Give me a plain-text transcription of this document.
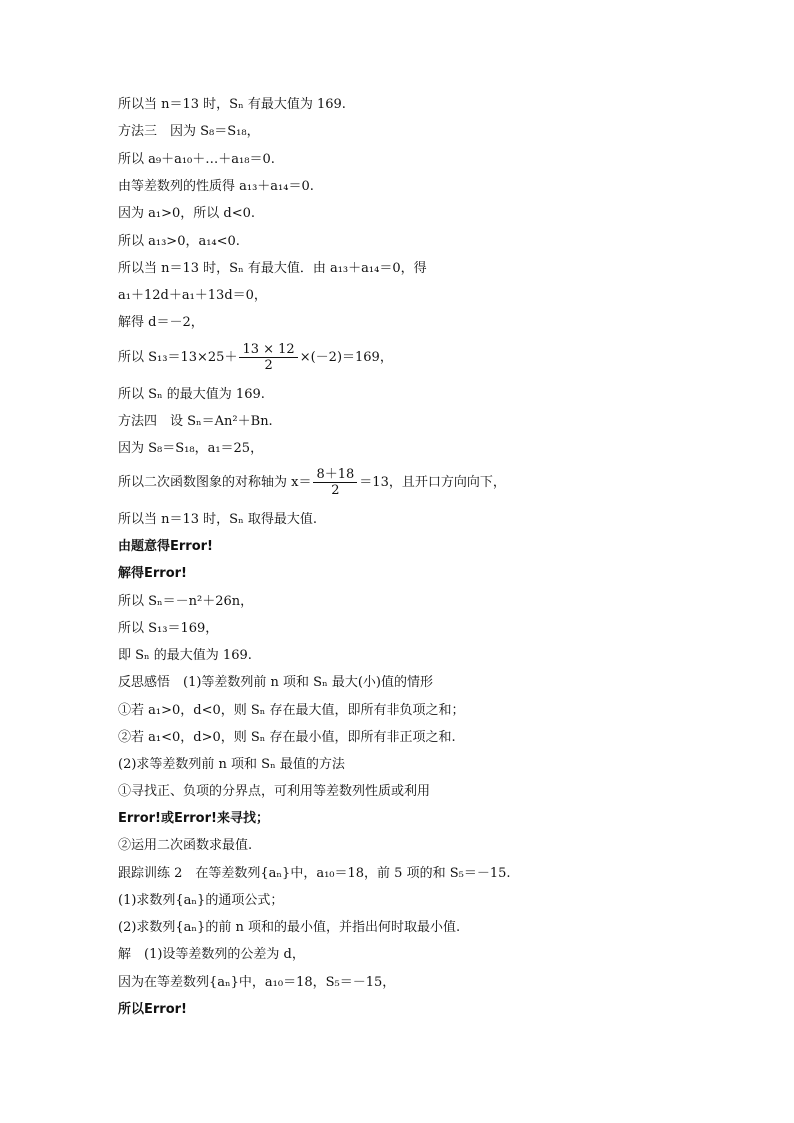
所以当 n＝13 时，Sₙ 有最大值为 169.
方法三　因为 S₈＝S₁₈，
所以 a₉＋a₁₀＋…＋a₁₈＝0.
由等差数列的性质得 a₁₃＋a₁₄＝0.
因为 a₁>0，所以 d<0.
所以 a₁₃>0，a₁₄<0.
所以当 n＝13 时，Sₙ 有最大值．由 a₁₃＋a₁₄＝0，得
a₁＋12d＋a₁＋13d＝0，
解得 d＝－2，
所以 $S_{13}=13\times 25+ \frac{13 \times 12}{2} \times(-2)=169$，
所以 Sₙ 的最大值为 169.
方法四　设 Sₙ＝An²＋Bn.
因为 S₈＝S₁₈，a₁＝25，
所以二次函数图象的对称轴为 $x= \frac{8+18}{2} =13$，且开口方向向下，
所以当 n＝13 时，Sₙ 取得最大值.
由题意得Error!
解得Error!
所以 Sₙ＝－n²＋26n，
所以 S₁₃＝169，
即 Sₙ 的最大值为 169.
反思感悟　(1)等差数列前 n 项和 Sₙ 最大(小)值的情形
①若 a₁>0，d<0，则 Sₙ 存在最大值，即所有非负项之和；
②若 a₁<0，d>0，则 Sₙ 存在最小值，即所有非正项之和.
(2)求等差数列前 n 项和 Sₙ 最值的方法
①寻找正、负项的分界点，可利用等差数列性质或利用
Error!或Error!来寻找；
②运用二次函数求最值.
跟踪训练 2　在等差数列{aₙ}中，a₁₀＝18，前 5 项的和 S₅＝－15.
(1)求数列{aₙ}的通项公式；
(2)求数列{aₙ}的前 n 项和的最小值，并指出何时取最小值.
解　(1)设等差数列的公差为 d，
因为在等差数列{aₙ}中，a₁₀＝18，S₅＝－15，
所以Error!
